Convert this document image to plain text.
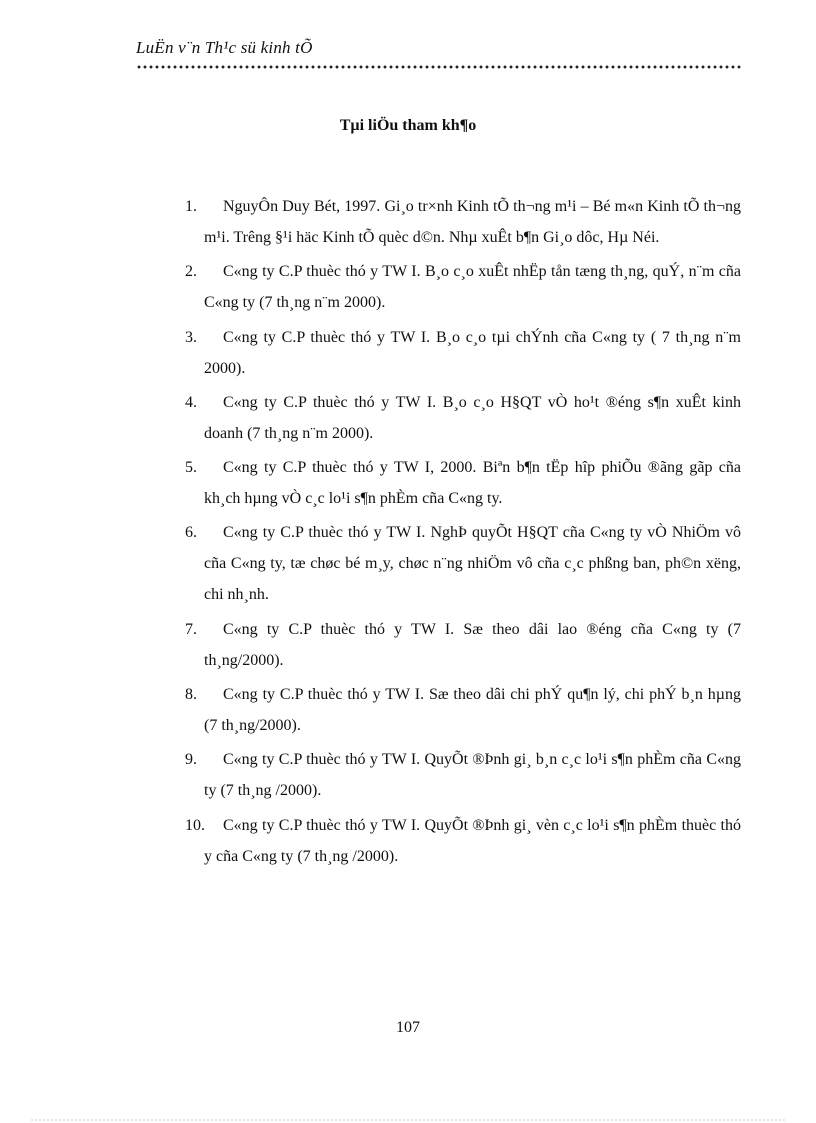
LuËn v¨n Th¹c sü kinh tÕ
Tµi liÖu tham kh¶o
1. NguyÔn Duy Bét, 1997. Gi¸o tr×nh Kinh tÕ th¬ng m¹i – Bé m«n Kinh tÕ th¬ng m¹i. Trêng §¹i häc Kinh tÕ quèc d©n. Nhµ xuÊt b¶n Gi¸o dôc, Hµ Néi.
2. C«ng ty C.P thuèc thó y TW I. B¸o c¸o xuÊt nhËp tån tæng th¸ng, quÝ, n¨m cña C«ng ty (7 th¸ng n¨m 2000).
3. C«ng ty C.P thuèc thó y TW I. B¸o c¸o tµi chÝnh cña C«ng ty ( 7 th¸ng n¨m 2000).
4. C«ng ty C.P thuèc thó y TW I. B¸o c¸o H§QT vÒ ho¹t ®éng s¶n xuÊt kinh doanh (7 th¸ng n¨m 2000).
5. C«ng ty C.P thuèc thó y TW I, 2000. Biªn b¶n tËp hîp phiÕu ®ãng gãp cña kh¸ch hµng vÒ c¸c lo¹i s¶n phÈm cña C«ng ty.
6. C«ng ty C.P thuèc thó y TW I. NghÞ quyÕt H§QT cña C«ng ty vÒ NhiÖm vô cña C«ng ty, tæ chøc bé m¸y, chøc n¨ng nhiÖm vô cña c¸c phßng ban, ph©n xëng, chi nh¸nh.
7. C«ng ty C.P thuèc thó y TW I. Sæ theo dâi lao ®éng cña C«ng ty (7 th¸ng/2000).
8. C«ng ty C.P thuèc thó y TW I. Sæ theo dâi chi phÝ qu¶n lý, chi phÝ b¸n hµng (7 th¸ng/2000).
9. C«ng ty C.P thuèc thó y TW I. QuyÕt ®Þnh gi¸ b¸n c¸c lo¹i s¶n phÈm cña C«ng ty (7 th¸ng /2000).
10. C«ng ty C.P thuèc thó y TW I. QuyÕt ®Þnh gi¸ vèn c¸c lo¹i s¶n phÈm thuèc thó y cña C«ng ty (7 th¸ng /2000).
107
